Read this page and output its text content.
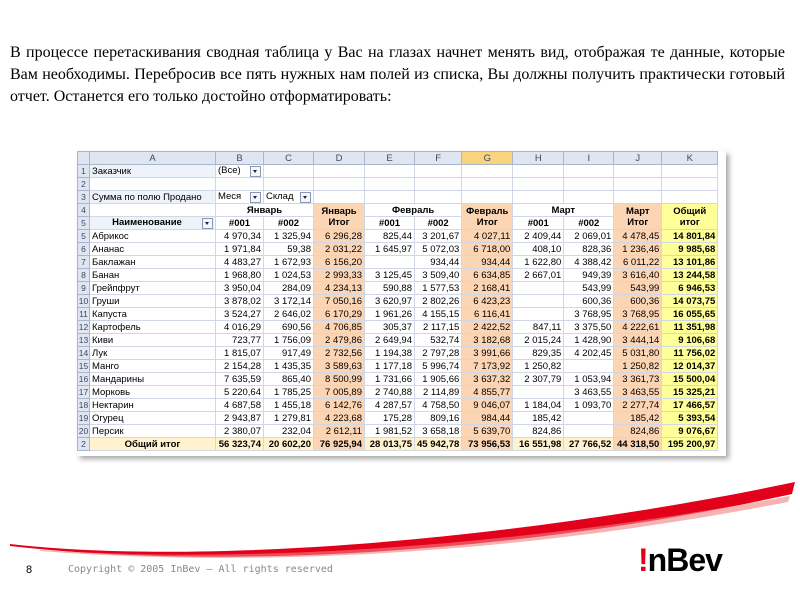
В процессе перетаскивания сводная таблица у Вас на глазах начнет менять вид, отображая те данные, которые Вам необходимы. Перебросив все пять нужных нам полей из списка, Вы должны получить практически готовый отчет. Останется его только достойно отформатировать:
	A	B	C	D	E	F	G	H	I	J	K
1	Заказчик	(Все)

2											
3	Сумма по полю Продано	Меся	Склад

4		Январь		Январь Итог	Февраль		Февраль Итог	Март		Март Итог	Общий итог
5	Наименование	#001	#002		#001	#002		#001	#002		
5	Абрикос	4 970,34	1 325,94	6 296,28	825,44	3 201,67	4 027,11	2 409,44	2 069,01	4 478,45	14 801,84
6	Ананас	1 971,84	59,38	2 031,22	1 645,97	5 072,03	6 718,00	408,10	828,36	1 236,46	9 985,68
7	Баклажан	4 483,27	1 672,93	6 156,20		934,44	934,44	1 622,80	4 388,42	6 011,22	13 101,86
8	Банан	1 968,80	1 024,53	2 993,33	3 125,45	3 509,40	6 634,85	2 667,01	949,39	3 616,40	13 244,58
9	Грейпфрут	3 950,04	284,09	4 234,13	590,88	1 577,53	2 168,41		543,99	543,99	6 946,53
10	Груши	3 878,02	3 172,14	7 050,16	3 620,97	2 802,26	6 423,23		600,36	600,36	14 073,75
11	Капуста	3 524,27	2 646,02	6 170,29	1 961,26	4 155,15	6 116,41		3 768,95	3 768,95	16 055,65
12	Картофель	4 016,29	690,56	4 706,85	305,37	2 117,15	2 422,52	847,11	3 375,50	4 222,61	11 351,98
13	Киви	723,77	1 756,09	2 479,86	2 649,94	532,74	3 182,68	2 015,24	1 428,90	3 444,14	9 106,68
14	Лук	1 815,07	917,49	2 732,56	1 194,38	2 797,28	3 991,66	829,35	4 202,45	5 031,80	11 756,02
15	Манго	2 154,28	1 435,35	3 589,63	1 177,18	5 996,74	7 173,92	1 250,82		1 250,82	12 014,37
16	Мандарины	7 635,59	865,40	8 500,99	1 731,66	1 905,66	3 637,32	2 307,79	1 053,94	3 361,73	15 500,04
17	Морковь	5 220,64	1 785,25	7 005,89	2 740,88	2 114,89	4 855,77		3 463,55	3 463,55	15 325,21
18	Нектарин	4 687,58	1 455,18	6 142,76	4 287,57	4 758,50	9 046,07	1 184,04	1 093,70	2 277,74	17 466,57
19	Огурец	2 943,87	1 279,81	4 223,68	175,28	809,16	984,44	185,42		185,42	5 393,54
20	Персик	2 380,07	232,04	2 612,11	1 981,52	3 658,18	5 639,70	824,86		824,86	9 076,67
2	Общий итог	56 323,74	20 602,20	76 925,94	28 013,75	45 942,78	73 956,53	16 551,98	27 766,52	44 318,50	195 200,97
8	Copyright © 2005 InBev – All rights reserved	!nBev
